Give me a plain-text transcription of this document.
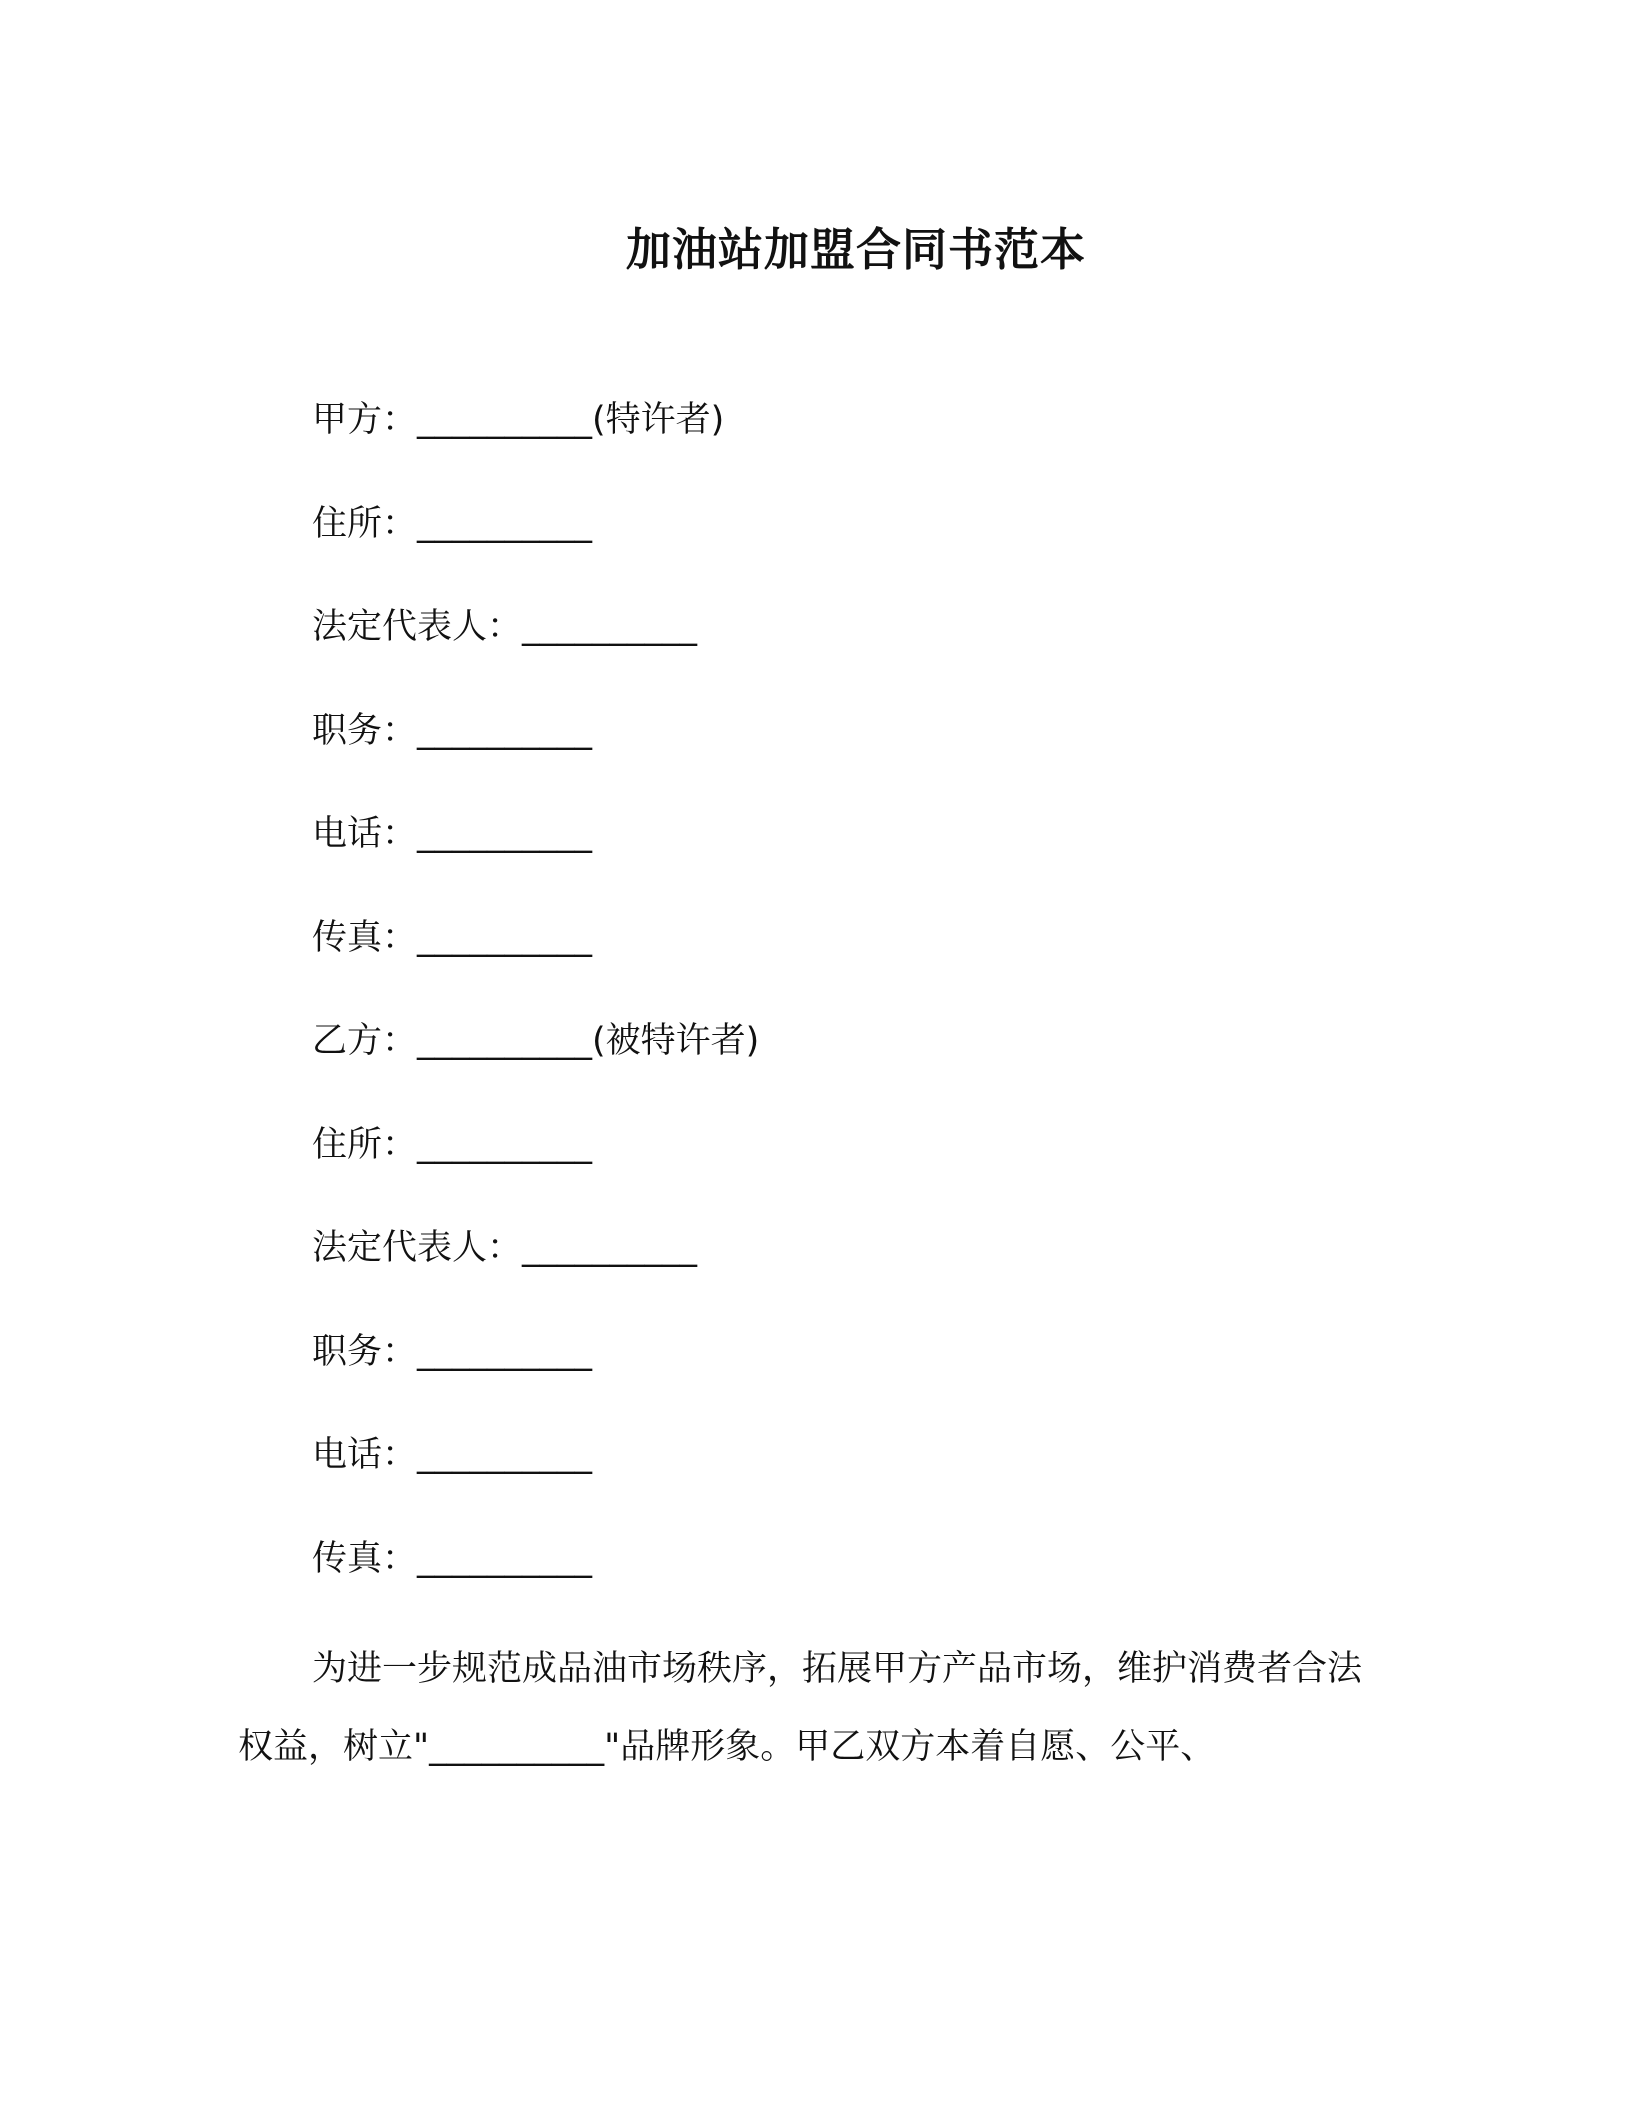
加油站加盟合同书范本
甲方：__________(特许者)
住所：__________
法定代表人：__________
职务：__________
电话：__________
传真：__________
乙方：__________(被特许者)
住所：__________
法定代表人：__________
职务：__________
电话：__________
传真：__________

为进一步规范成品油市场秩序，拓展甲方产品市场，维护消费者合法权益，树立"__________"品牌形象。甲乙双方本着自愿、公平、
